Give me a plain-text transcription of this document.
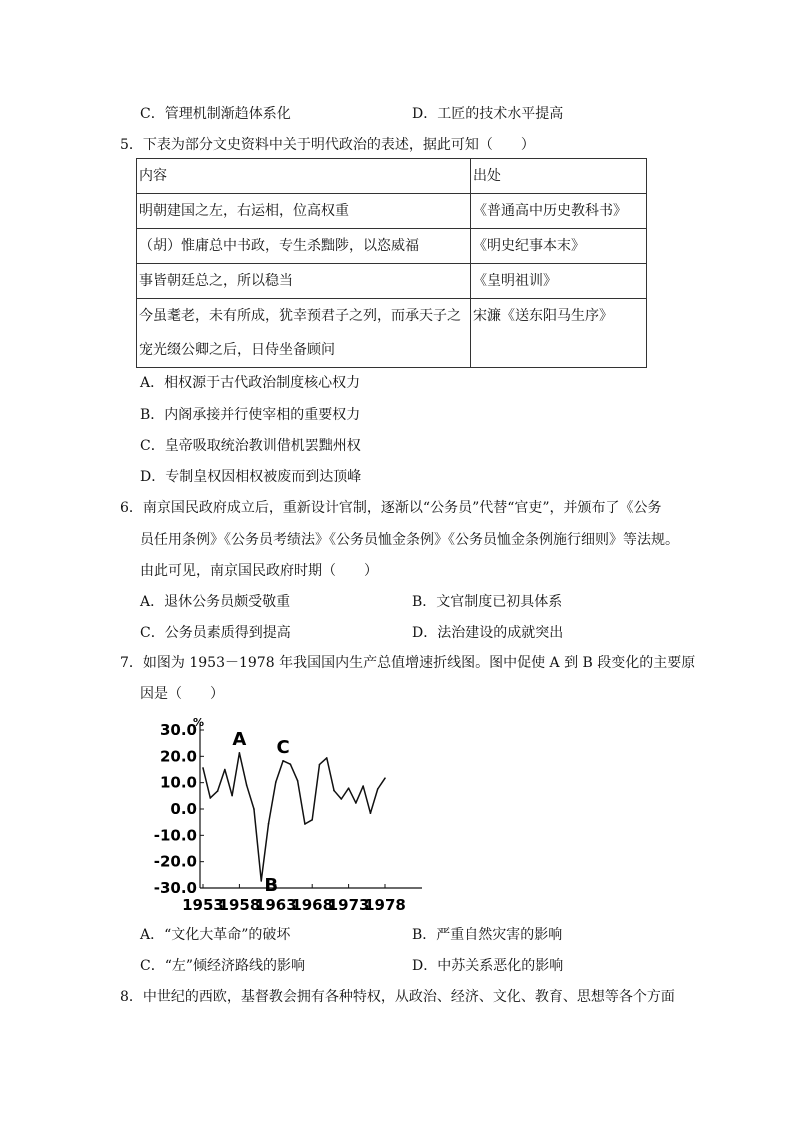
C．管理机制渐趋体系化	D．工匠的技术水平提高
5．下表为部分文史资料中关于明代政治的表述，据此可知（　　）
内容	出处
明朝建国之左，右运相，位高权重	《普通高中历史教科书》
（胡）惟庸总中书政，专生杀黜陟，以恣威福	《明史纪事本末》
事皆朝廷总之，所以稳当	《皇明祖训》
今虽耄老，未有所成，犹幸预君子之列，而承天子之宠光缀公卿之后，日侍坐备顾问	宋濂《送东阳马生序》
A．相权源于古代政治制度核心权力
B．内阁承接并行使宰相的重要权力
C．皇帝吸取统治教训借机罢黜州权
D．专制皇权因相权被废而到达顶峰
6．南京国民政府成立后，重新设计官制，逐渐以“公务员”代替“官吏”，并颁布了《公务
员任用条例》《公务员考绩法》《公务员恤金条例》《公务员恤金条例施行细则》等法规。
由此可见，南京国民政府时期（　　）
A．退休公务员颇受敬重	B．文官制度已初具体系
C．公务员素质得到提高	D．法治建设的成就突出
7．如图为 1953－1978 年我国国内生产总值增速折线图。图中促使 A 到 B 段变化的主要原
因是（　　）
%
30.0
20.0
10.0
0.0
-10.0
-20.0
-30.0
1953
1958
1963
1968
1973
1978
A
B
C
A．“文化大革命”的破坏	B．严重自然灾害的影响
C．“左”倾经济路线的影响	D．中苏关系恶化的影响
8．中世纪的西欧，基督教会拥有各种特权，从政治、经济、文化、教育、思想等各个方面
